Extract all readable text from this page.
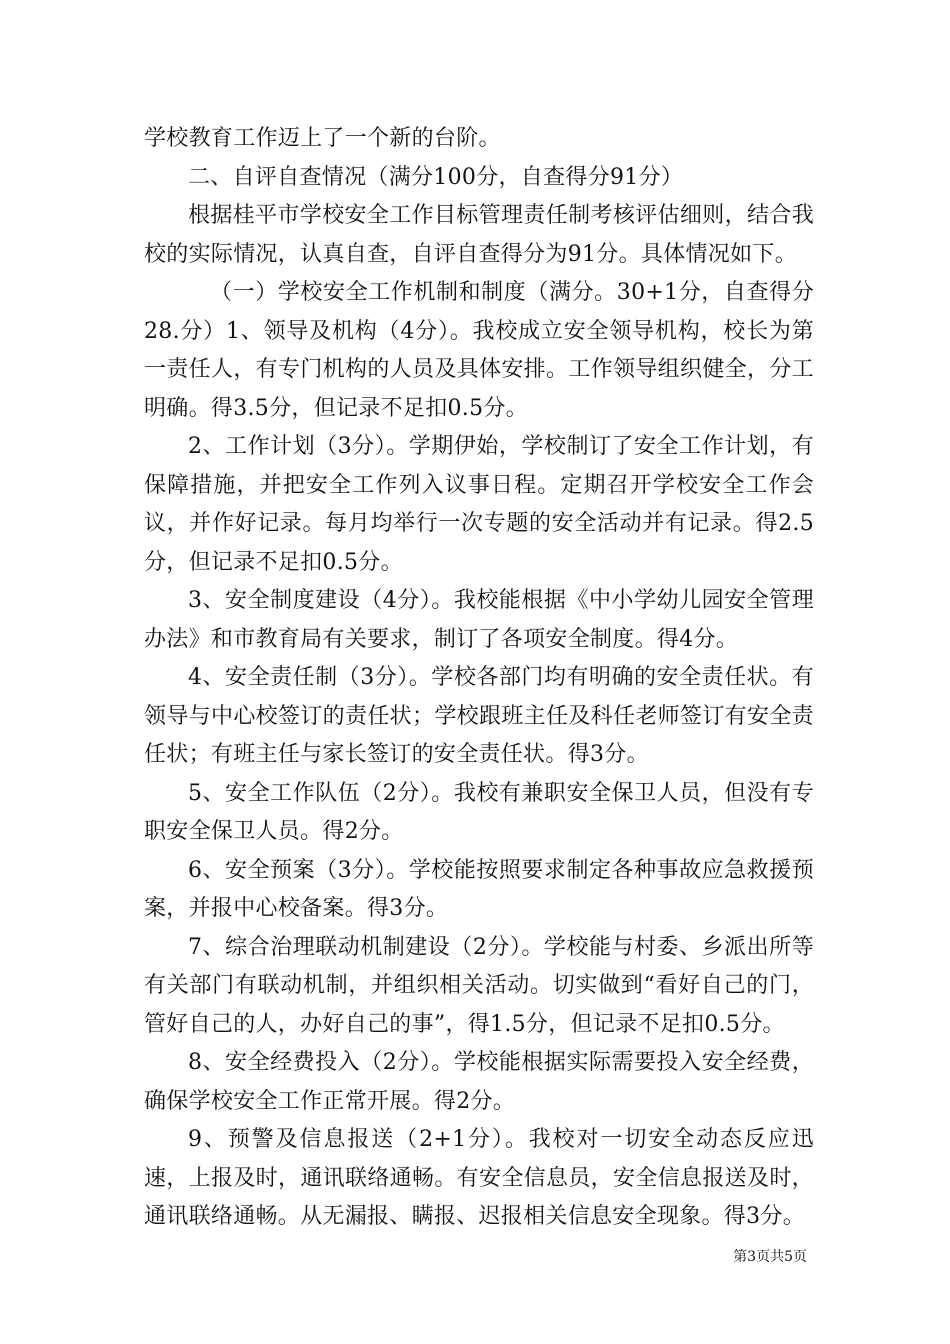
学校教育工作迈上了一个新的台阶。

二、自评自查情况（满分100分，自查得分91分）

根据桂平市学校安全工作目标管理责任制考核评估细则，结合我校的实际情况，认真自查，自评自查得分为91分。具体情况如下。

（一）学校安全工作机制和制度（满分。30+1分，自查得分28.分）1、领导及机构（4分）。我校成立安全领导机构，校长为第一责任人，有专门机构的人员及具体安排。工作领导组织健全，分工明确。得3.5分，但记录不足扣0.5分。

2、工作计划（3分）。学期伊始，学校制订了安全工作计划，有保障措施，并把安全工作列入议事日程。定期召开学校安全工作会议，并作好记录。每月均举行一次专题的安全活动并有记录。得2.5分，但记录不足扣0.5分。

3、安全制度建设（4分）。我校能根据《中小学幼儿园安全管理办法》和市教育局有关要求，制订了各项安全制度。得4分。

4、安全责任制（3分）。学校各部门均有明确的安全责任状。有领导与中心校签订的责任状；学校跟班主任及科任老师签订有安全责任状；有班主任与家长签订的安全责任状。得3分。

5、安全工作队伍（2分）。我校有兼职安全保卫人员，但没有专职安全保卫人员。得2分。

6、安全预案（3分）。学校能按照要求制定各种事故应急救援预案，并报中心校备案。得3分。

7、综合治理联动机制建设（2分）。学校能与村委、乡派出所等有关部门有联动机制，并组织相关活动。切实做到“看好自己的门，管好自己的人，办好自己的事”，得1.5分，但记录不足扣0.5分。

8、安全经费投入（2分）。学校能根据实际需要投入安全经费，确保学校安全工作正常开展。得2分。

9、预警及信息报送（2+1分）。我校对一切安全动态反应迅速，上报及时，通讯联络通畅。有安全信息员，安全信息报送及时，通讯联络通畅。从无漏报、瞒报、迟报相关信息安全现象。得3分。

第3页共5页
